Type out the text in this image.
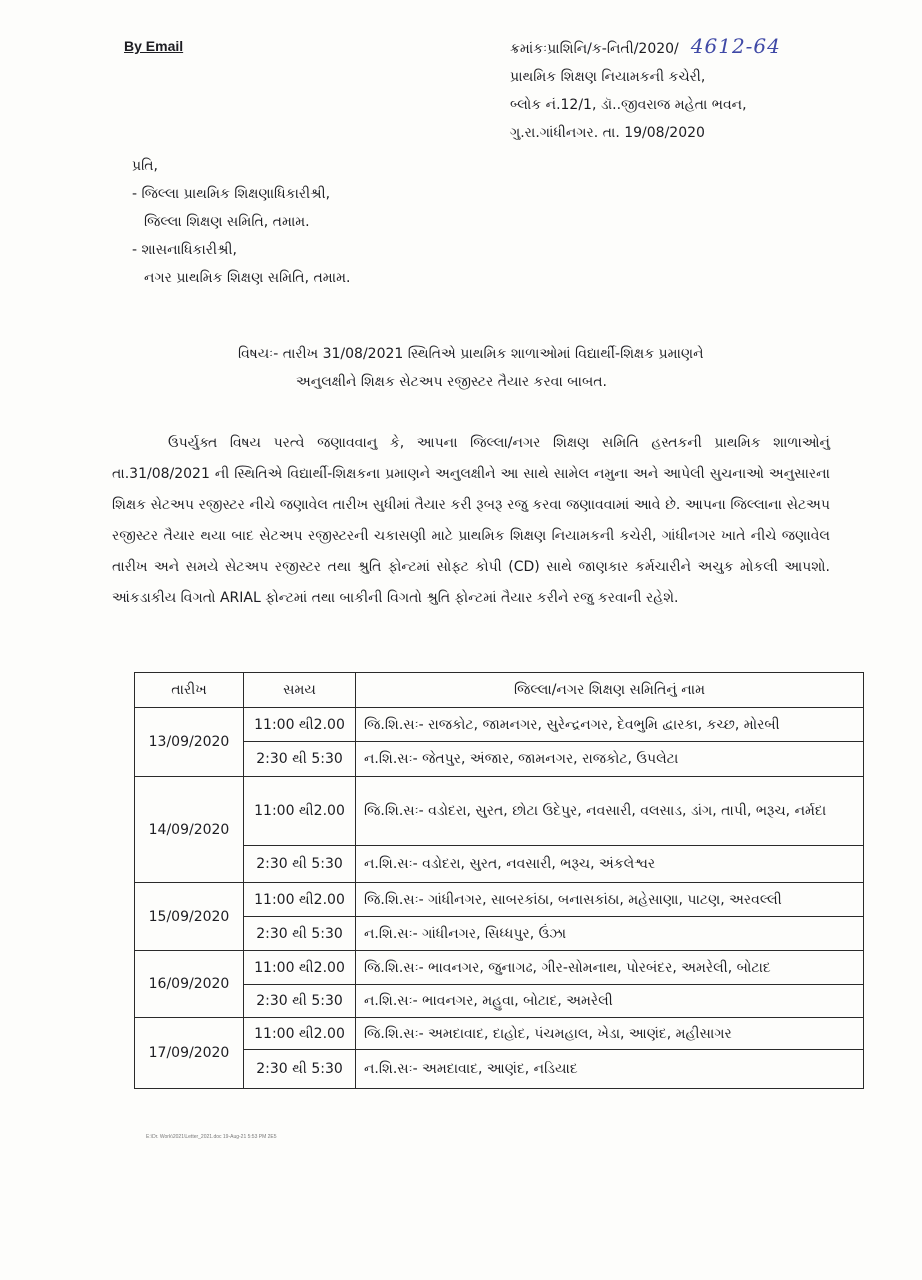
By Email	ક્રમાંકઃપ્રાશિનિ/ક-નિતી/2020/ 4612-64
પ્રાથમિક શિક્ષણ નિયામકની કચેરી,
બ્લોક નં.12/1, ડૉ..જીવરાજ મહેતા ભવન,
ગુ.રા.ગાંધીનગર. તા. 19/08/2020
પ્રતિ,
- જિલ્લા પ્રાથમિક શિક્ષણાધિકારીશ્રી,
જિલ્લા શિક્ષણ સમિતિ, તમામ.
- શાસનાધિકારીશ્રી,
નગર પ્રાથમિક શિક્ષણ સમિતિ, તમામ.
વિષયઃ- તારીખ 31/08/2021 સ્થિતિએ પ્રાથમિક શાળાઓમાં વિદ્યાર્થી-શિક્ષક પ્રમાણને
અનુલક્ષીને શિક્ષક સેટઅપ રજીસ્ટર તૈયાર કરવા બાબત.

ઉપર્યુક્ત વિષય પરત્વે જણાવવાનુ કે, આપના જિલ્લા/નગર શિક્ષણ સમિતિ હસ્તકની પ્રાથમિક શાળાઓનું તા.31/08/2021 ની સ્થિતિએ વિદ્યાર્થી-શિક્ષકના પ્રમાણને અનુલક્ષીને આ સાથે સામેલ નમુના અને આપેલી સુચનાઓ અનુસારના શિક્ષક સેટઅપ રજીસ્ટર નીચે જણાવેલ તારીખ સુધીમાં તૈયાર કરી રૂબરૂ રજુ કરવા જણાવવામાં આવે છે. આપના જિલ્લાના સેટઅપ રજીસ્ટર તૈયાર થયા બાદ સેટઅપ રજીસ્ટરની ચકાસણી માટે પ્રાથમિક શિક્ષણ નિયામકની કચેરી, ગાંધીનગર ખાતે નીચે જણાવેલ તારીખ અને સમયે સેટઅપ રજીસ્ટર તથા શ્રુતિ ફોન્ટમાં સોફ્ટ કોપી (CD) સાથે જાણકાર કર્મચારીને અચુક મોકલી આપશો. આંકડાકીય વિગતો ARIAL ફોન્ટમાં તથા બાકીની વિગતો શ્રુતિ ફોન્ટમાં તૈયાર કરીને રજુ કરવાની રહેશે.

તારીખ	સમય	જિલ્લા/નગર શિક્ષણ સમિતિનું નામ
13/09/2020	11:00 થી2.00	જિ.શિ.સઃ- રાજકોટ, જામનગર, સુરેન્દ્રનગર, દેવભુમિ દ્વારકા, કચ્છ, મોરબી
	2:30 થી 5:30	ન.શિ.સઃ- જેતપુર, અંજાર, જામનગર, રાજકોટ, ઉપલેટા
14/09/2020	11:00 થી2.00	જિ.શિ.સઃ- વડોદરા, સુરત, છોટા ઉદેપુર, નવસારી, વલસાડ, ડાંગ, તાપી, ભરૂચ, નર્મદા
	2:30 થી 5:30	ન.શિ.સઃ- વડોદરા, સુરત, નવસારી, ભરૂચ, અંકલેશ્વર
15/09/2020	11:00 થી2.00	જિ.શિ.સઃ- ગાંધીનગર, સાબરકાંઠા, બનાસકાંઠા, મહેસાણા, પાટણ, અરવલ્લી
	2:30 થી 5:30	ન.શિ.સઃ- ગાંધીનગર, સિધ્ધપુર, ઉંઝા
16/09/2020	11:00 થી2.00	જિ.શિ.સઃ- ભાવનગર, જુનાગઢ, ગીર-સોમનાથ, પોરબંદર, અમરેલી, બોટાદ
	2:30 થી 5:30	ન.શિ.સઃ- ભાવનગર, મહુવા, બોટાદ, અમરેલી
17/09/2020	11:00 થી2.00	જિ.શિ.સઃ- અમદાવાદ, દાહોદ, પંચમહાલ, ખેડા, આણંદ, મહીસાગર
	2:30 થી 5:30	ન.શિ.સઃ- અમદાવાદ, આણંદ, નડિયાદ
E:\Dr. Work\2021\Letter_2021.doc 19-Aug-21 5:53 PM 2E5
